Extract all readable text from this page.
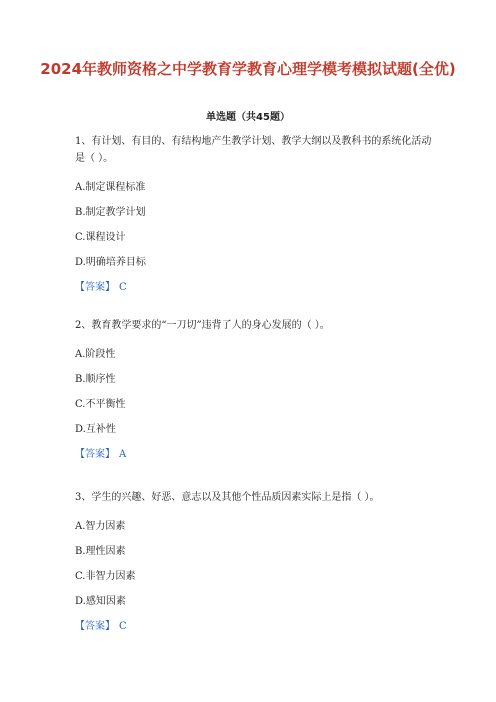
2024年教师资格之中学教育学教育心理学模考模拟试题(全优)
单选题（共45题）
1、有计划、有目的、有结构地产生教学计划、教学大纲以及教科书的系统化活动是（ ）。
A.制定课程标准
B.制定教学计划
C.课程设计
D.明确培养目标
【答案】 C
2、教育教学要求的“一刀切”违背了人的身心发展的（ ）。
A.阶段性
B.顺序性
C.不平衡性
D.互补性
【答案】 A
3、学生的兴趣、好恶、意志以及其他个性品质因素实际上是指（ ）。
A.智力因素
B.理性因素
C.非智力因素
D.感知因素
【答案】 C
